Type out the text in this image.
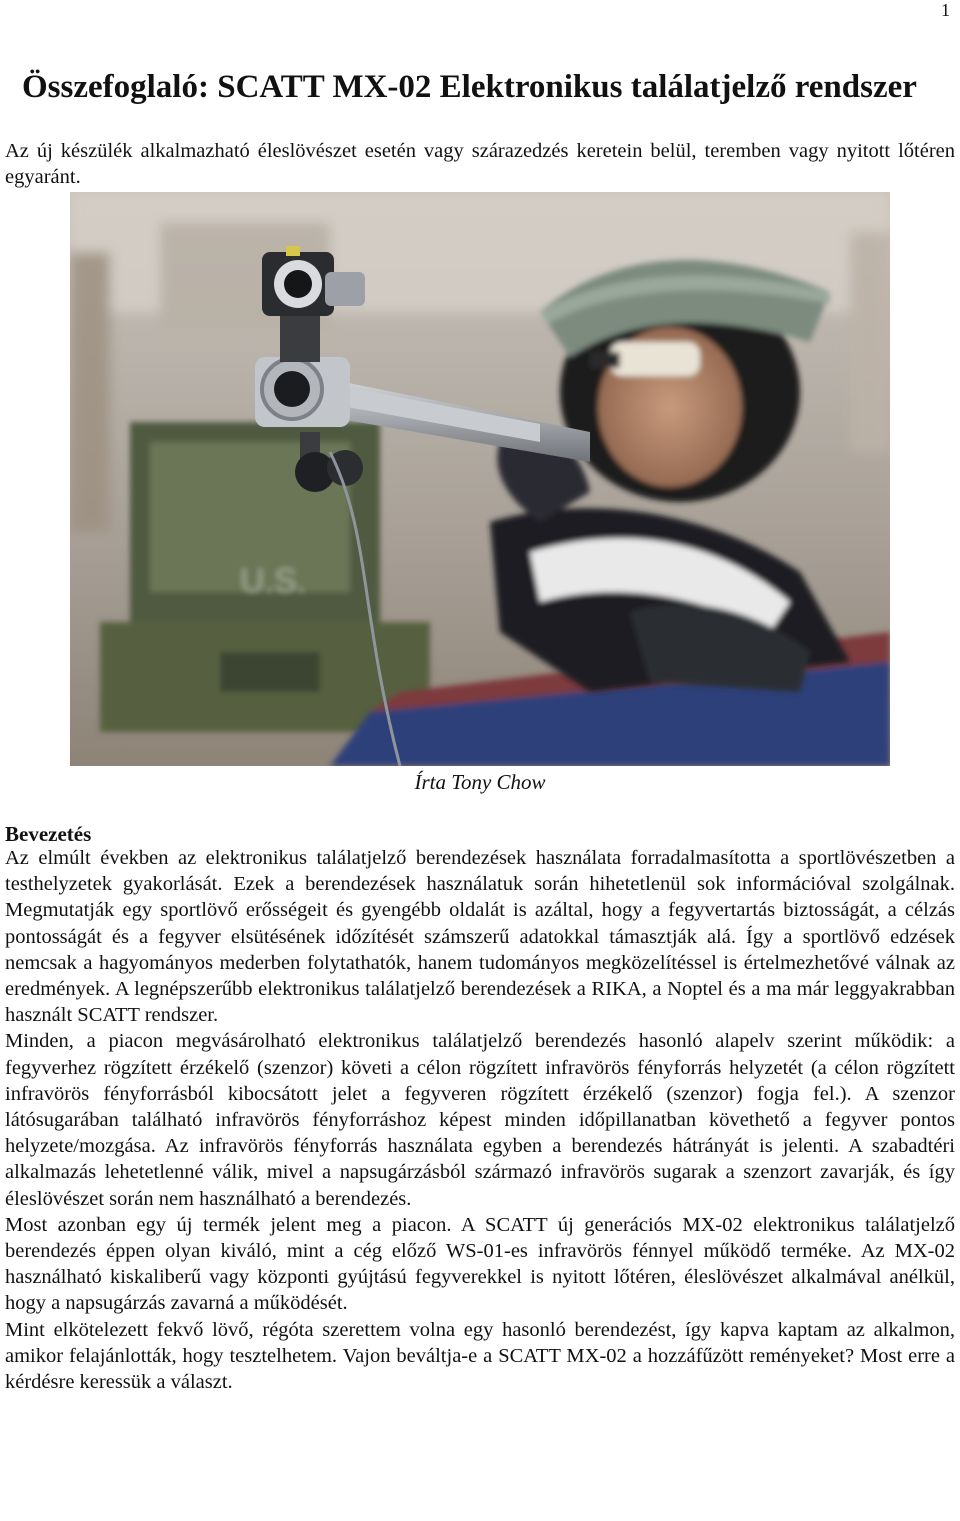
1
Összefoglaló: SCATT MX-02 Elektronikus találatjelző rendszer

Az új készülék alkalmazható éleslövészet esetén vagy szárazedzés keretein belül, teremben vagy nyitott lőtéren egyaránt.

U.S.

Írta Tony Chow

Bevezetés

Az elmúlt években az elektronikus találatjelző berendezések használata forradalmasította a sportlövészetben a testhelyzetek gyakorlását. Ezek a berendezések használatuk során hihetetlenül sok információval szolgálnak. Megmutatják egy sportlövő erősségeit és gyengébb oldalát is azáltal, hogy a fegyvertartás biztosságát, a célzás pontosságát és a fegyver elsütésének időzítését számszerű adatokkal támasztják alá. Így a sportlövő edzések nemcsak a hagyományos mederben folytathatók, hanem tudományos megközelítéssel is értelmezhetővé válnak az eredmények. A legnépszerűbb elektronikus találatjelző berendezések a RIKA, a Noptel és a ma már leggyakrabban használt SCATT rendszer.

Minden, a piacon megvásárolható elektronikus találatjelző berendezés hasonló alapelv szerint működik: a fegyverhez rögzített érzékelő (szenzor) követi a célon rögzített infravörös fényforrás helyzetét (a célon rögzített infravörös fényforrásból kibocsátott jelet a fegyveren rögzített érzékelő (szenzor) fogja fel.). A szenzor látósugarában található infravörös fényforráshoz képest minden időpillanatban követhető a fegyver pontos helyzete/mozgása. Az infravörös fényforrás használata egyben a berendezés hátrányát is jelenti. A szabadtéri alkalmazás lehetetlenné válik, mivel a napsugárzásból származó infravörös sugarak a szenzort zavarják, és így éleslövészet során nem használható a berendezés.

Most azonban egy új termék jelent meg a piacon. A SCATT új generációs MX-02 elektronikus találatjelző berendezés éppen olyan kiváló, mint a cég előző WS-01-es infravörös fénnyel működő terméke. Az MX-02 használható kiskaliberű vagy központi gyújtású fegyverekkel is nyitott lőtéren, éleslövészet alkalmával anélkül, hogy a napsugárzás zavarná a működését.

Mint elkötelezett fekvő lövő, régóta szerettem volna egy hasonló berendezést, így kapva kaptam az alkalmon, amikor felajánlották, hogy tesztelhetem. Vajon beváltja-e a SCATT MX-02 a hozzáfűzött reményeket? Most erre a kérdésre keressük a választ.
